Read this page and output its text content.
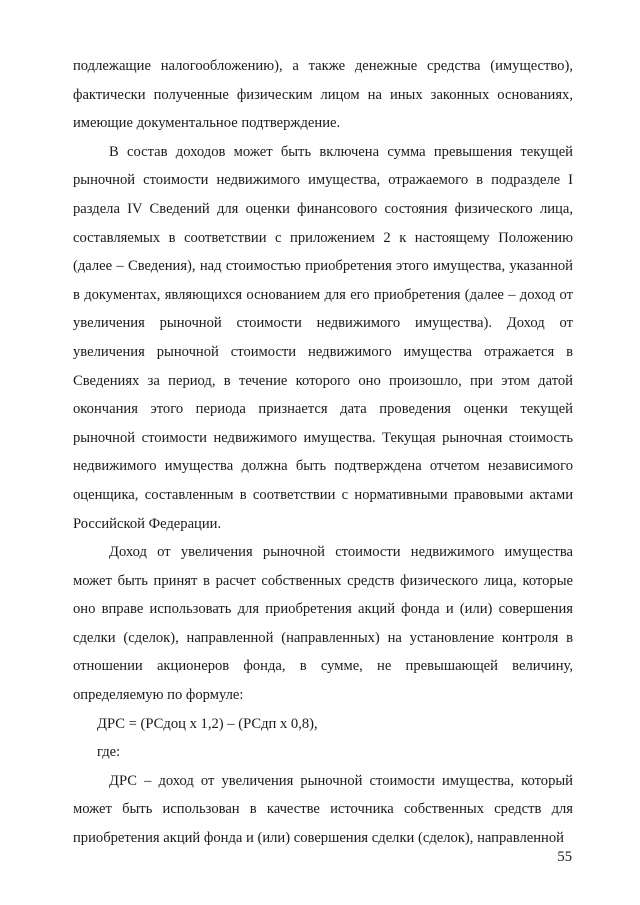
подлежащие налогообложению), а также денежные средства (имущество), фактически полученные физическим лицом на иных законных основаниях, имеющие документальное подтверждение.

В состав доходов может быть включена сумма превышения текущей рыночной стоимости недвижимого имущества, отражаемого в подразделе I раздела IV Сведений для оценки финансового состояния физического лица, составляемых в соответствии с приложением 2 к настоящему Положению (далее – Сведения), над стоимостью приобретения этого имущества, указанной в документах, являющихся основанием для его приобретения (далее – доход от увеличения рыночной стоимости недвижимого имущества). Доход от увеличения рыночной стоимости недвижимого имущества отражается в Сведениях за период, в течение которого оно произошло, при этом датой окончания этого периода признается дата проведения оценки текущей рыночной стоимости недвижимого имущества. Текущая рыночная стоимость недвижимого имущества должна быть подтверждена отчетом независимого оценщика, составленным в соответствии с нормативными правовыми актами Российской Федерации.

Доход от увеличения рыночной стоимости недвижимого имущества может быть принят в расчет собственных средств физического лица, которые оно вправе использовать для приобретения акций фонда и (или) совершения сделки (сделок), направленной (направленных) на установление контроля в отношении акционеров фонда, в сумме, не превышающей величину, определяемую по формуле:

ДРС = (РСдоц х 1,2) – (РСдп х 0,8),

где:

ДРС – доход от увеличения рыночной стоимости имущества, который может быть использован в качестве источника собственных средств для приобретения акций фонда и (или) совершения сделки (сделок), направленной

55
